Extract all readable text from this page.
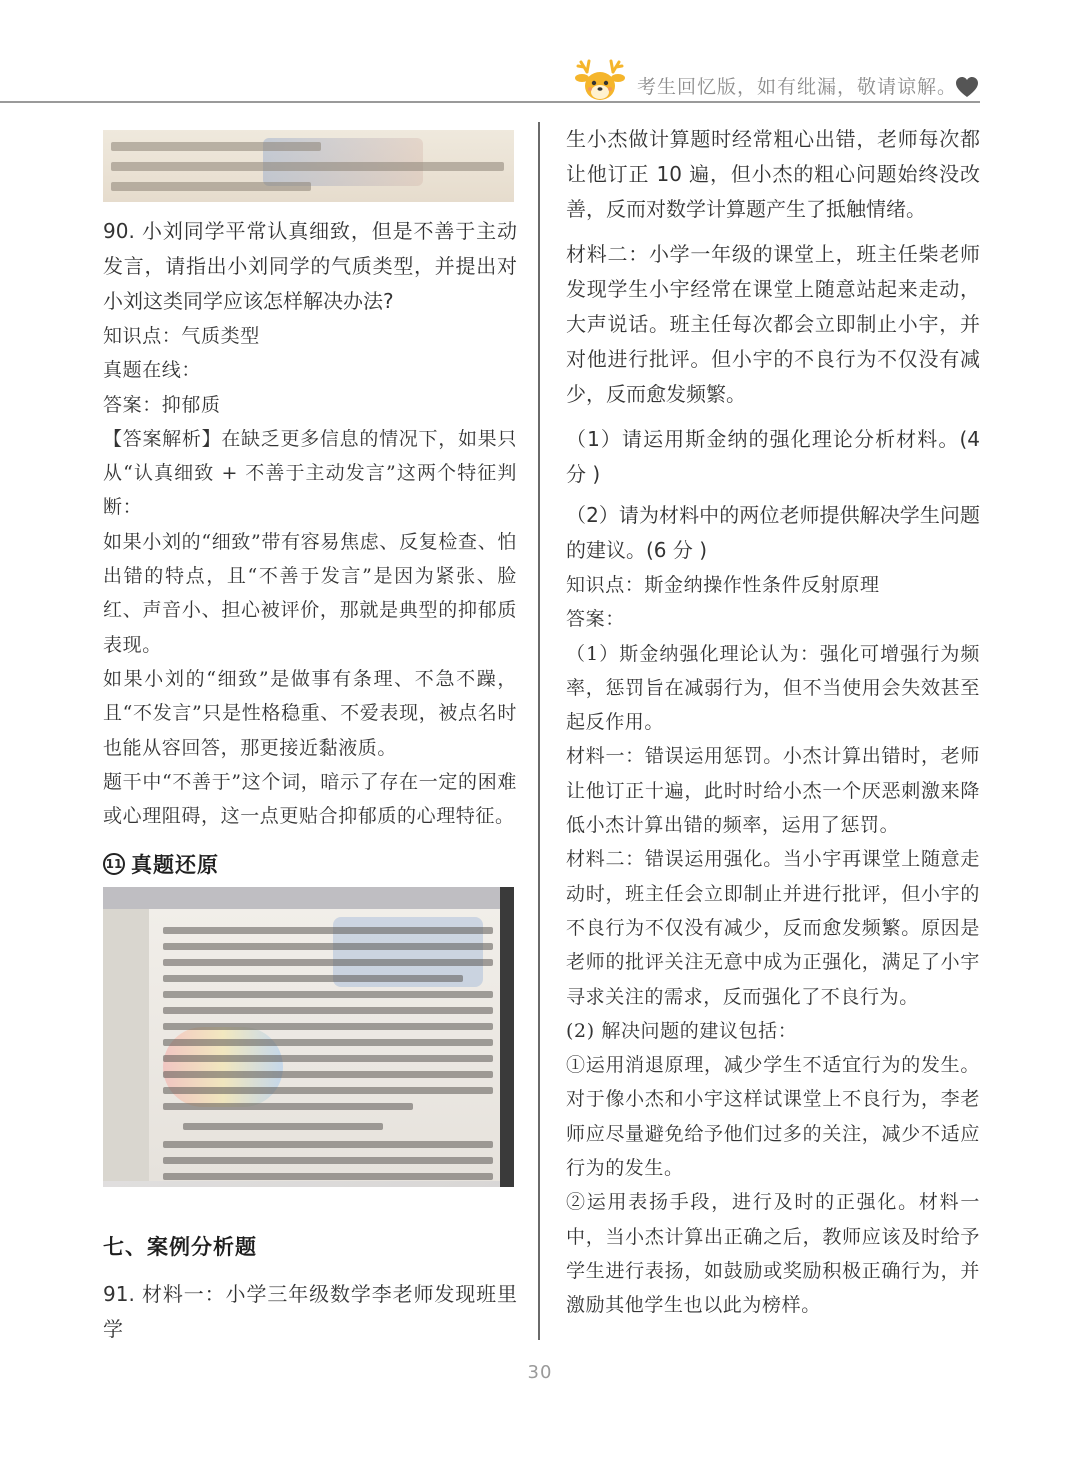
考生回忆版，如有纰漏，敬请谅解。

90. 小刘同学平常认真细致，但是不善于主动发言，请指出小刘同学的气质类型，并提出对小刘这类同学应该怎样解决办法?

知识点：气质类型

真题在线：

答案：抑郁质

【答案解析】在缺乏更多信息的情况下，如果只从“认真细致 + 不善于主动发言”这两个特征判断：

如果小刘的“细致”带有容易焦虑、反复检查、怕出错的特点，且“不善于发言”是因为紧张、脸红、声音小、担心被评价，那就是典型的抑郁质表现。

如果小刘的“细致”是做事有条理、不急不躁，且“不发言”只是性格稳重、不爱表现，被点名时也能从容回答，那更接近黏液质。

题干中“不善于”这个词，暗示了存在一定的困难或心理阻碍，这一点更贴合抑郁质的心理特征。

11 真题还原
七、案例分析题

91. 材料一：小学三年级数学李老师发现班里学

生小杰做计算题时经常粗心出错，老师每次都让他订正 10 遍，但小杰的粗心问题始终没改善，反而对数学计算题产生了抵触情绪。

材料二：小学一年级的课堂上，班主任柴老师发现学生小宇经常在课堂上随意站起来走动，大声说话。班主任每次都会立即制止小宇，并对他进行批评。但小宇的不良行为不仅没有减少，反而愈发频繁。

（1）请运用斯金纳的强化理论分析材料。(4 分 )

（2）请为材料中的两位老师提供解决学生问题的建议。(6 分 )

知识点：斯金纳操作性条件反射原理

答案：

（1）斯金纳强化理论认为：强化可增强行为频率，惩罚旨在减弱行为，但不当使用会失效甚至起反作用。

材料一：错误运用惩罚。小杰计算出错时，老师让他订正十遍，此时时给小杰一个厌恶刺激来降低小杰计算出错的频率，运用了惩罚。

材料二：错误运用强化。当小宇再课堂上随意走动时，班主任会立即制止并进行批评，但小宇的不良行为不仅没有减少，反而愈发频繁。原因是老师的批评关注无意中成为正强化，满足了小宇寻求关注的需求，反而强化了不良行为。

(2) 解决问题的建议包括：

①运用消退原理，减少学生不适宜行为的发生。对于像小杰和小宇这样试课堂上不良行为，李老师应尽量避免给予他们过多的关注，减少不适应行为的发生。

②运用表扬手段，进行及时的正强化。材料一中，当小杰计算出正确之后，教师应该及时给予学生进行表扬，如鼓励或奖励积极正确行为，并激励其他学生也以此为榜样。

30
